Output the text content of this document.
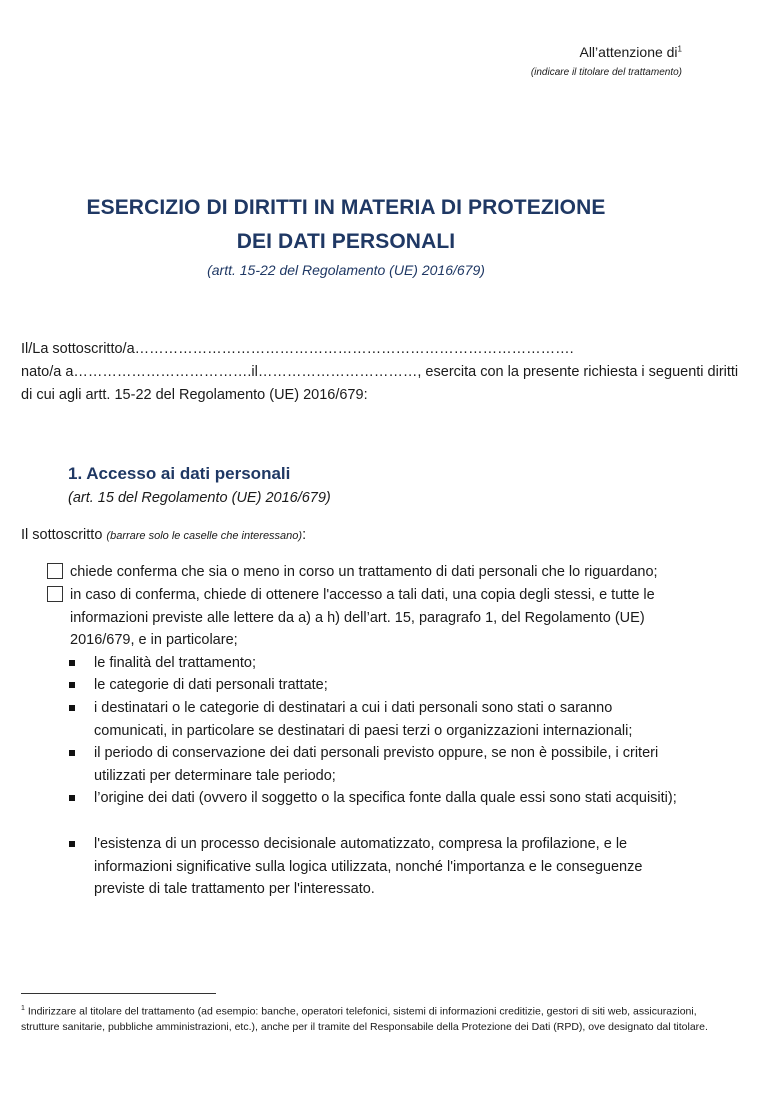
All’attenzione $di^1$
(indicare il titolare del trattamento)
ESERCIZIO DI DIRITTI IN MATERIA DI PROTEZIONE
DEI DATI PERSONALI
(artt. 15-22 del Regolamento (UE) 2016/679)
Il/La sottoscritto/a……………………………………………………………………………….
nato/a a……………………………….il……………………………, esercita con la presente richiesta i seguenti diritti
di cui agli artt. 15-22 del Regolamento (UE) 2016/679:
1. Accesso ai dati personali
(art. 15 del Regolamento (UE) 2016/679)
Il sottoscritto (barrare solo le caselle che interessano):
chiede conferma che sia o meno in corso un trattamento di dati personali che lo riguardano;
in caso di conferma, chiede di ottenere l'accesso a tali dati, una copia degli stessi, e tutte le informazioni previste alle lettere da a) a h) dell’art. 15, paragrafo 1, del Regolamento (UE) 2016/679, e in particolare;
le finalità del trattamento;
le categorie di dati personali trattate;
i destinatari o le categorie di destinatari a cui i dati personali sono stati o saranno comunicati, in particolare se destinatari di paesi terzi o organizzazioni internazionali;
il periodo di conservazione dei dati personali previsto oppure, se non è possibile, i criteri utilizzati per determinare tale periodo;
l’origine dei dati (ovvero il soggetto o la specifica fonte dalla quale essi sono stati acquisiti);
l'esistenza di un processo decisionale automatizzato, compresa la profilazione, e le informazioni significative sulla logica utilizzata, nonché l'importanza e le conseguenze previste di tale trattamento per l'interessato.
$^1$ Indirizzare al titolare del trattamento (ad esempio: banche, operatori telefonici, sistemi di informazioni creditizie, gestori di siti web, assicurazioni, strutture sanitarie, pubbliche amministrazioni, etc.), anche per il tramite del Responsabile della Protezione dei Dati (RPD), ove designato dal titolare.
